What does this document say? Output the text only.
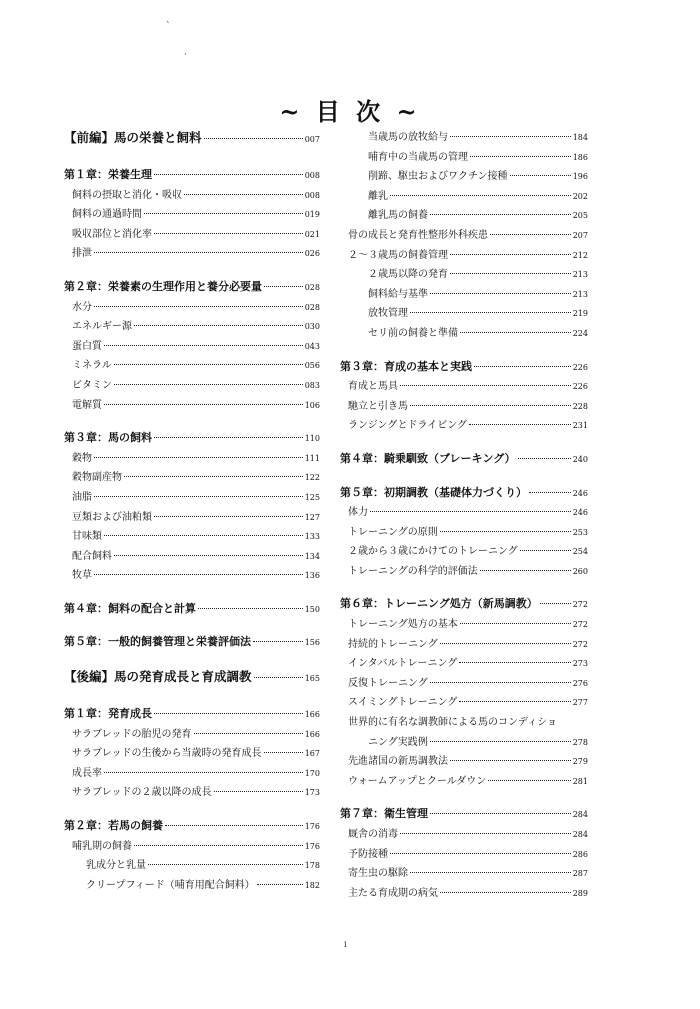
ˋ
·
~ 目 次 ~
【前編】馬の栄養と飼料	007
第１章：栄養生理	008
飼料の摂取と消化・吸収	008
飼料の通過時間	019
吸収部位と消化率	021
排泄	026
第２章：栄養素の生理作用と養分必要量	028
水分	028
エネルギー源	030
蛋白質	043
ミネラル	056
ビタミン	083
電解質	106
第３章：馬の飼料	110
穀物	111
穀物副産物	122
油脂	125
豆類および油粕類	127
甘味類	133
配合飼料	134
牧草	136
第４章：飼料の配合と計算	150
第５章：一般的飼養管理と栄養評価法	156
【後編】馬の発育成長と育成調教	165
第１章：発育成長	166
サラブレッドの胎児の発育	166
サラブレッドの生後から当歳時の発育成長	167
成長率	170
サラブレッドの２歳以降の成長	173
第２章：若馬の飼養	176
哺乳期の飼養	176
乳成分と乳量	178
クリープフィード（哺育用配合飼料）	182
当歳馬の放牧給与	184
哺育中の当歳馬の管理	186
削蹄、駆虫およびワクチン接種	196
離乳	202
離乳馬の飼養	205
骨の成長と発育性整形外科疾患	207
２～３歳馬の飼養管理	212
２歳馬以降の発育	213
飼料給与基準	213
放牧管理	219
セリ前の飼養と準備	224
第３章：育成の基本と実践	226
育成と馬具	226
馳立と引き馬	228
ランジングとドライビング	231
第４章：騎乗馴致（ブレーキング）	240
第５章：初期調教（基礎体力づくり）	246
体力	246
トレーニングの原則	253
２歳から３歳にかけてのトレーニング	254
トレーニングの科学的評価法	260
第６章：トレーニング処方（新馬調教）	272
トレーニング処方の基本	272
持続的トレーニング	272
インタバルトレーニング	273
反復トレーニング	276
スイミングトレーニング	277
世界的に有名な調教師による馬のコンディショ
ニング実践例	278
先進諸国の新馬調教法	279
ウォームアップとクールダウン	281
第７章：衛生管理	284
厩舎の消毒	284
予防接種	286
寄生虫の駆除	287
主たる育成期の病気	289
i
